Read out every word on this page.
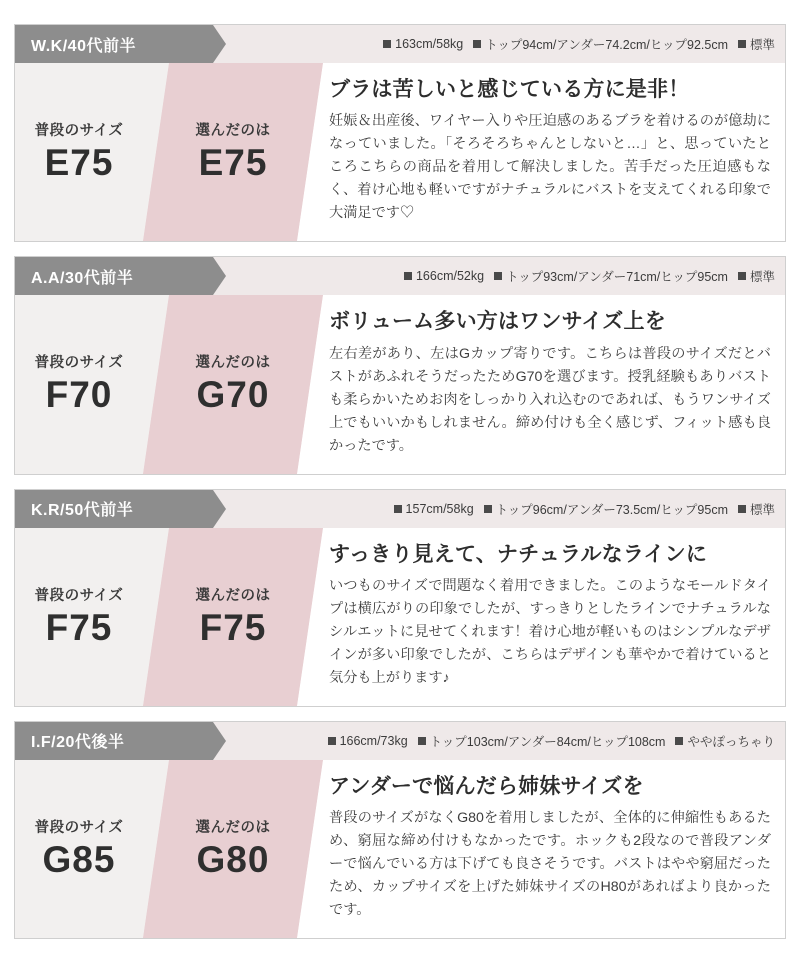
W.K/40代前半	163cm/58kg トップ94cm/アンダー74.2cm/ヒップ92.5cm 標準
普段のサイズ
E75
選んだのは
E75
ブラは苦しいと感じている方に是非！

妊娠＆出産後、ワイヤー入りや圧迫感のあるブラを着けるのが億劫になっていました。「そろそろちゃんとしないと…」と、思っていたところこちらの商品を着用して解決しました。苦手だった圧迫感もなく、着け心地も軽いですがナチュラルにバストを支えてくれる印象で大満足です♡

A.A/30代前半	166cm/52kg トップ93cm/アンダー71cm/ヒップ95cm 標準
普段のサイズ
F70
選んだのは
G70
ボリューム多い方はワンサイズ上を

左右差があり、左はGカップ寄りです。こちらは普段のサイズだとバストがあふれそうだったためG70を選びます。授乳経験もありバストも柔らかいためお肉をしっかり入れ込むのであれば、もうワンサイズ上でもいいかもしれません。締め付けも全く感じず、フィット感も良かったです。

K.R/50代前半	157cm/58kg トップ96cm/アンダー73.5cm/ヒップ95cm 標準
普段のサイズ
F75
選んだのは
F75
すっきり見えて、ナチュラルなラインに

いつものサイズで問題なく着用できました。このようなモールドタイプは横広がりの印象でしたが、すっきりとしたラインでナチュラルなシルエットに見せてくれます！着け心地が軽いものはシンプルなデザインが多い印象でしたが、こちらはデザインも華やかで着けていると気分も上がります♪

I.F/20代後半	166cm/73kg トップ103cm/アンダー84cm/ヒップ108cm ややぽっちゃり
普段のサイズ
G85
選んだのは
G80
アンダーで悩んだら姉妹サイズを

普段のサイズがなくG80を着用しましたが、全体的に伸縮性もあるため、窮屈な締め付けもなかったです。ホックも2段なので普段アンダーで悩んでいる方は下げても良さそうです。バストはやや窮屈だったため、カップサイズを上げた姉妹サイズのH80があればより良かったです。
